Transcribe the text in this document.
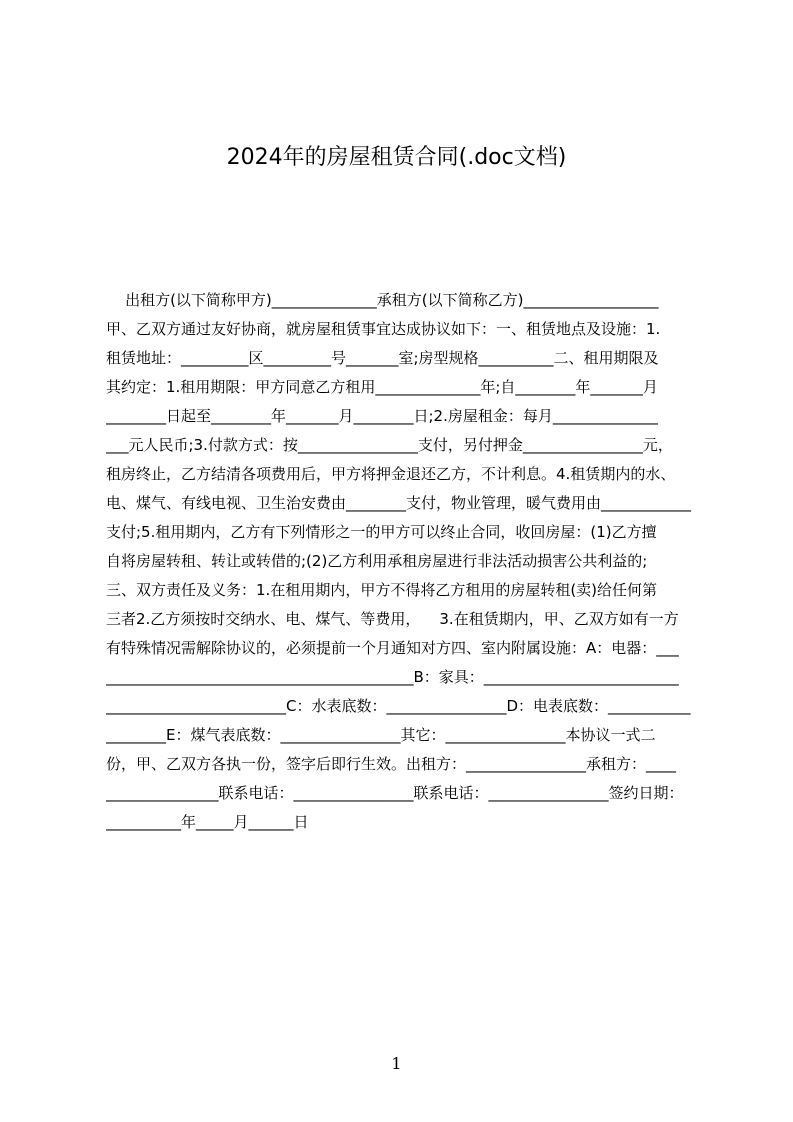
2024年的房屋租赁合同(.doc文档)
出租方(以下简称甲方)______________承租方(以下简称乙方)__________________
甲、乙双方通过友好协商，就房屋租赁事宜达成协议如下：一、租赁地点及设施：1.
租赁地址：_________区_________号_______室;房型规格__________二、租用期限及
其约定：1.租用期限：甲方同意乙方租用______________年;自________年_______月
________日起至________年_______月________日;2.房屋租金：每月______________
___元人民币;3.付款方式：按________________支付，另付押金________________元，
租房终止，乙方结清各项费用后，甲方将押金退还乙方，不计利息。4.租赁期内的水、
电、煤气、有线电视、卫生治安费由________支付，物业管理，暖气费用由____________
支付;5.租用期内，乙方有下列情形之一的甲方可以终止合同，收回房屋：(1)乙方擅
自将房屋转租、转让或转借的;(2)乙方利用承租房屋进行非法活动损害公共利益的;
三、双方责任及义务：1.在租用期内，甲方不得将乙方租用的房屋转租(卖)给任何第
三者2.乙方须按时交纳水、电、煤气、等费用，    3.在租赁期内，甲、乙双方如有一方
有特殊情况需解除协议的，必须提前一个月通知对方四、室内附属设施：A：电器：___
_________________________________________B：家具：__________________________
________________________C：水表底数：________________D：电表底数：___________
________E：煤气表底数：________________其它：________________本协议一式二
份，甲、乙双方各执一份，签字后即行生效。出租方：________________承租方：____
_______________联系电话：________________联系电话：________________签约日期：
__________年_____月______日
1
